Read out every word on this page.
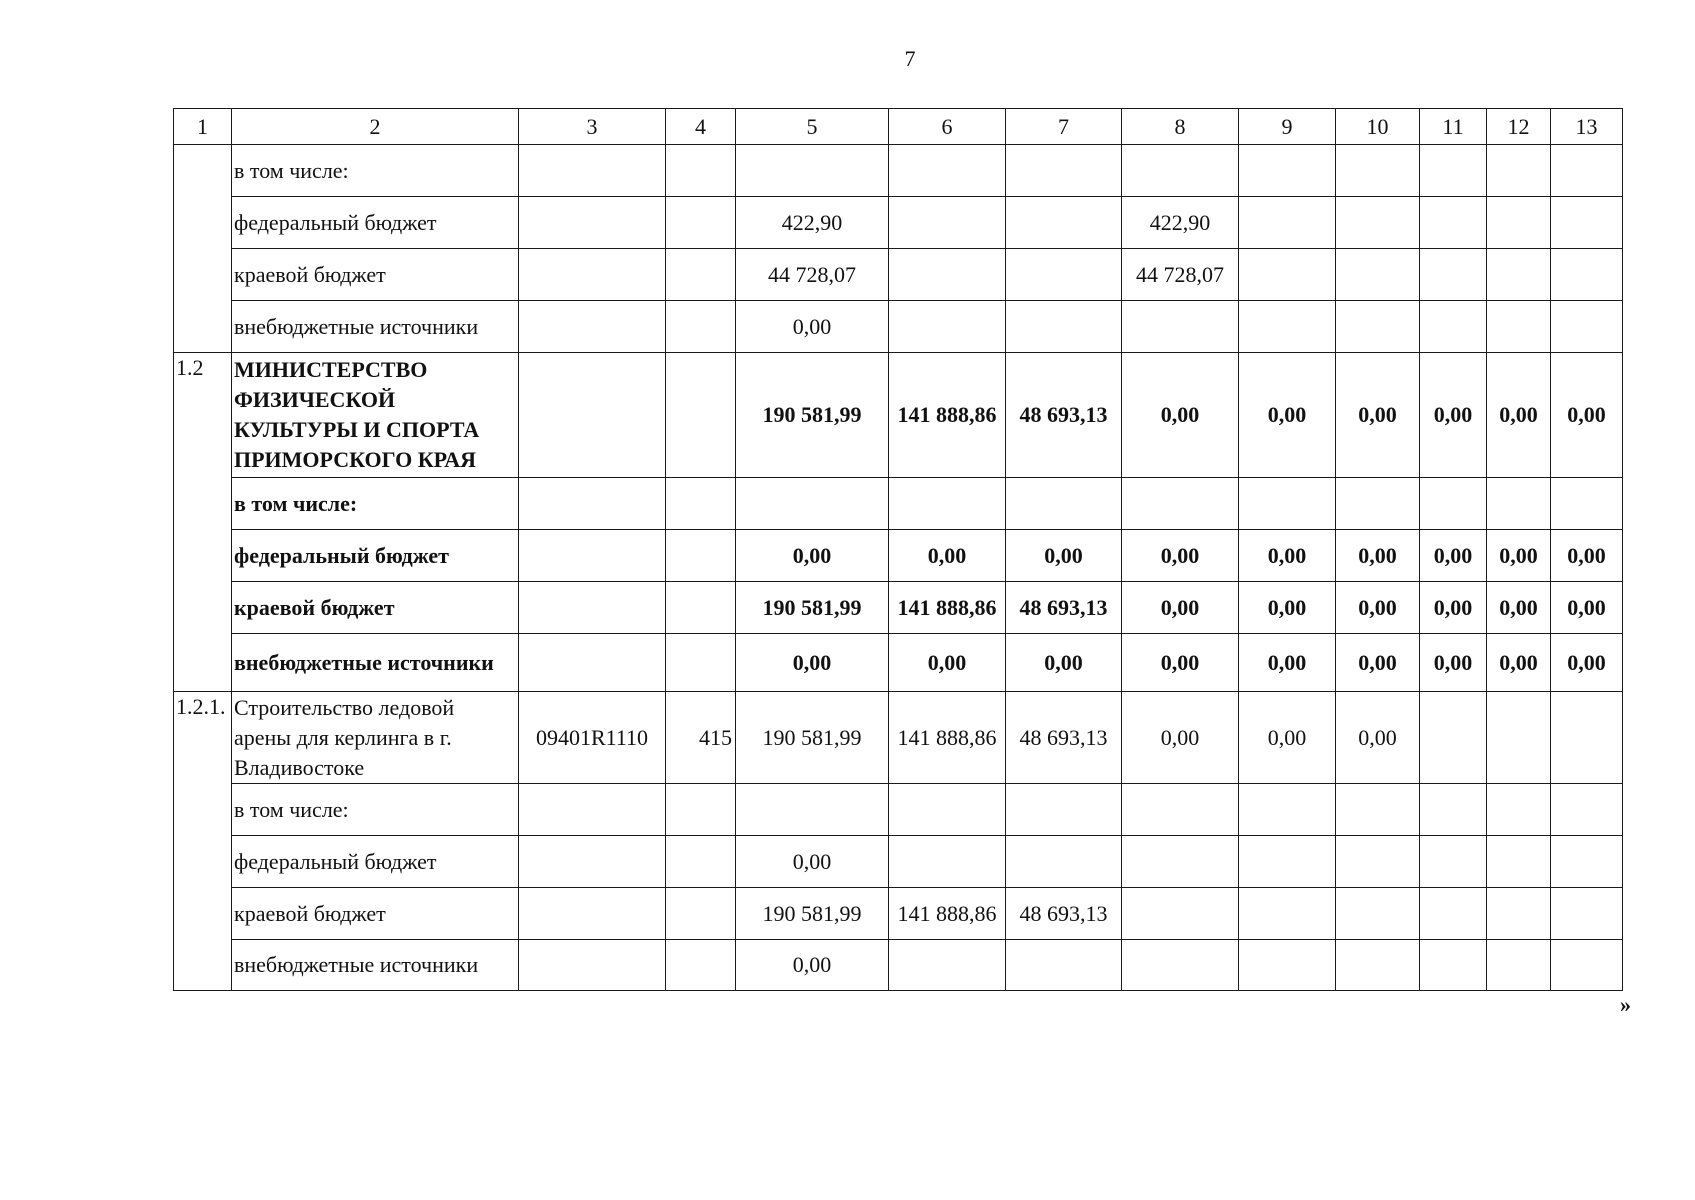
7
1	2	3	4	5	6	7	8	9	10	11	12	13
	в том числе:											
	федеральный бюджет			422,90			422,90					
	краевой бюджет			44 728,07			44 728,07					
	внебюджетные источники			0,00								
1.2	МИНИСТЕРСТВО ФИЗИЧЕСКОЙ КУЛЬТУРЫ И СПОРТА ПРИМОРСКОГО КРАЯ			190 581,99	141 888,86	48 693,13	0,00	0,00	0,00	0,00	0,00	0,00
	в том числе:											
	федеральный бюджет			0,00	0,00	0,00	0,00	0,00	0,00	0,00	0,00	0,00
	краевой бюджет			190 581,99	141 888,86	48 693,13	0,00	0,00	0,00	0,00	0,00	0,00
	внебюджетные источники			0,00	0,00	0,00	0,00	0,00	0,00	0,00	0,00	0,00
1.2.1.	Строительство ледовой арены для керлинга в г. Владивостоке	09401R1110	415	190 581,99	141 888,86	48 693,13	0,00	0,00	0,00			
	в том числе:											
	федеральный бюджет			0,00								
	краевой бюджет			190 581,99	141 888,86	48 693,13						
	внебюджетные источники			0,00								
»
